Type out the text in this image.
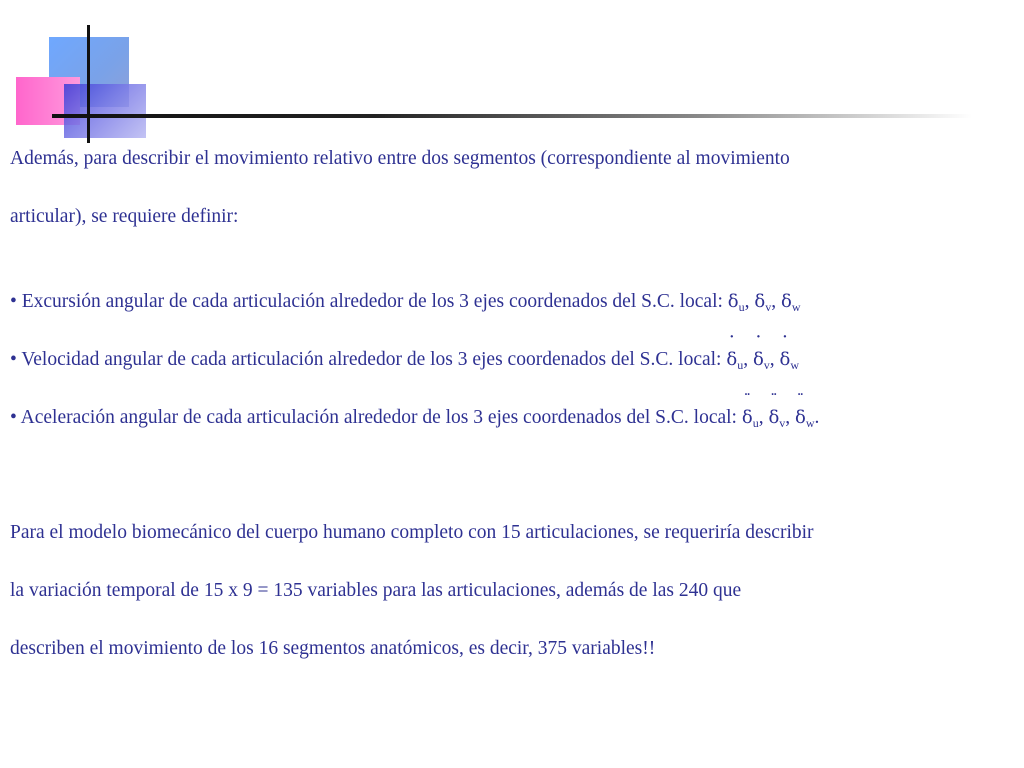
Además, para describir el movimiento relativo entre dos segmentos (correspondiente al movimiento
articular), se requiere definir:
• Excursión angular de cada articulación alrededor de los 3 ejes coordenados del S.C. local: $\delta_u$, $\delta_v$, $\delta_w$
• Velocidad angular de cada articulación alrededor de los 3 ejes coordenados del S.C. local:
˙
$\delta_u$,
˙
$\delta_v$,
˙
$\delta_w$
• Aceleración angular de cada articulación alrededor de los 3 ejes coordenados del S.C. local:
¨
$\delta_u$,
¨
$\delta_v$,
¨
$\delta_w$.
Para el modelo biomecánico del cuerpo humano completo con 15 articulaciones, se requeriría describir
la variación temporal de 15 x 9 = 135 variables para las articulaciones, además de las 240 que
describen el movimiento de los 16 segmentos anatómicos, es decir, 375 variables!!
